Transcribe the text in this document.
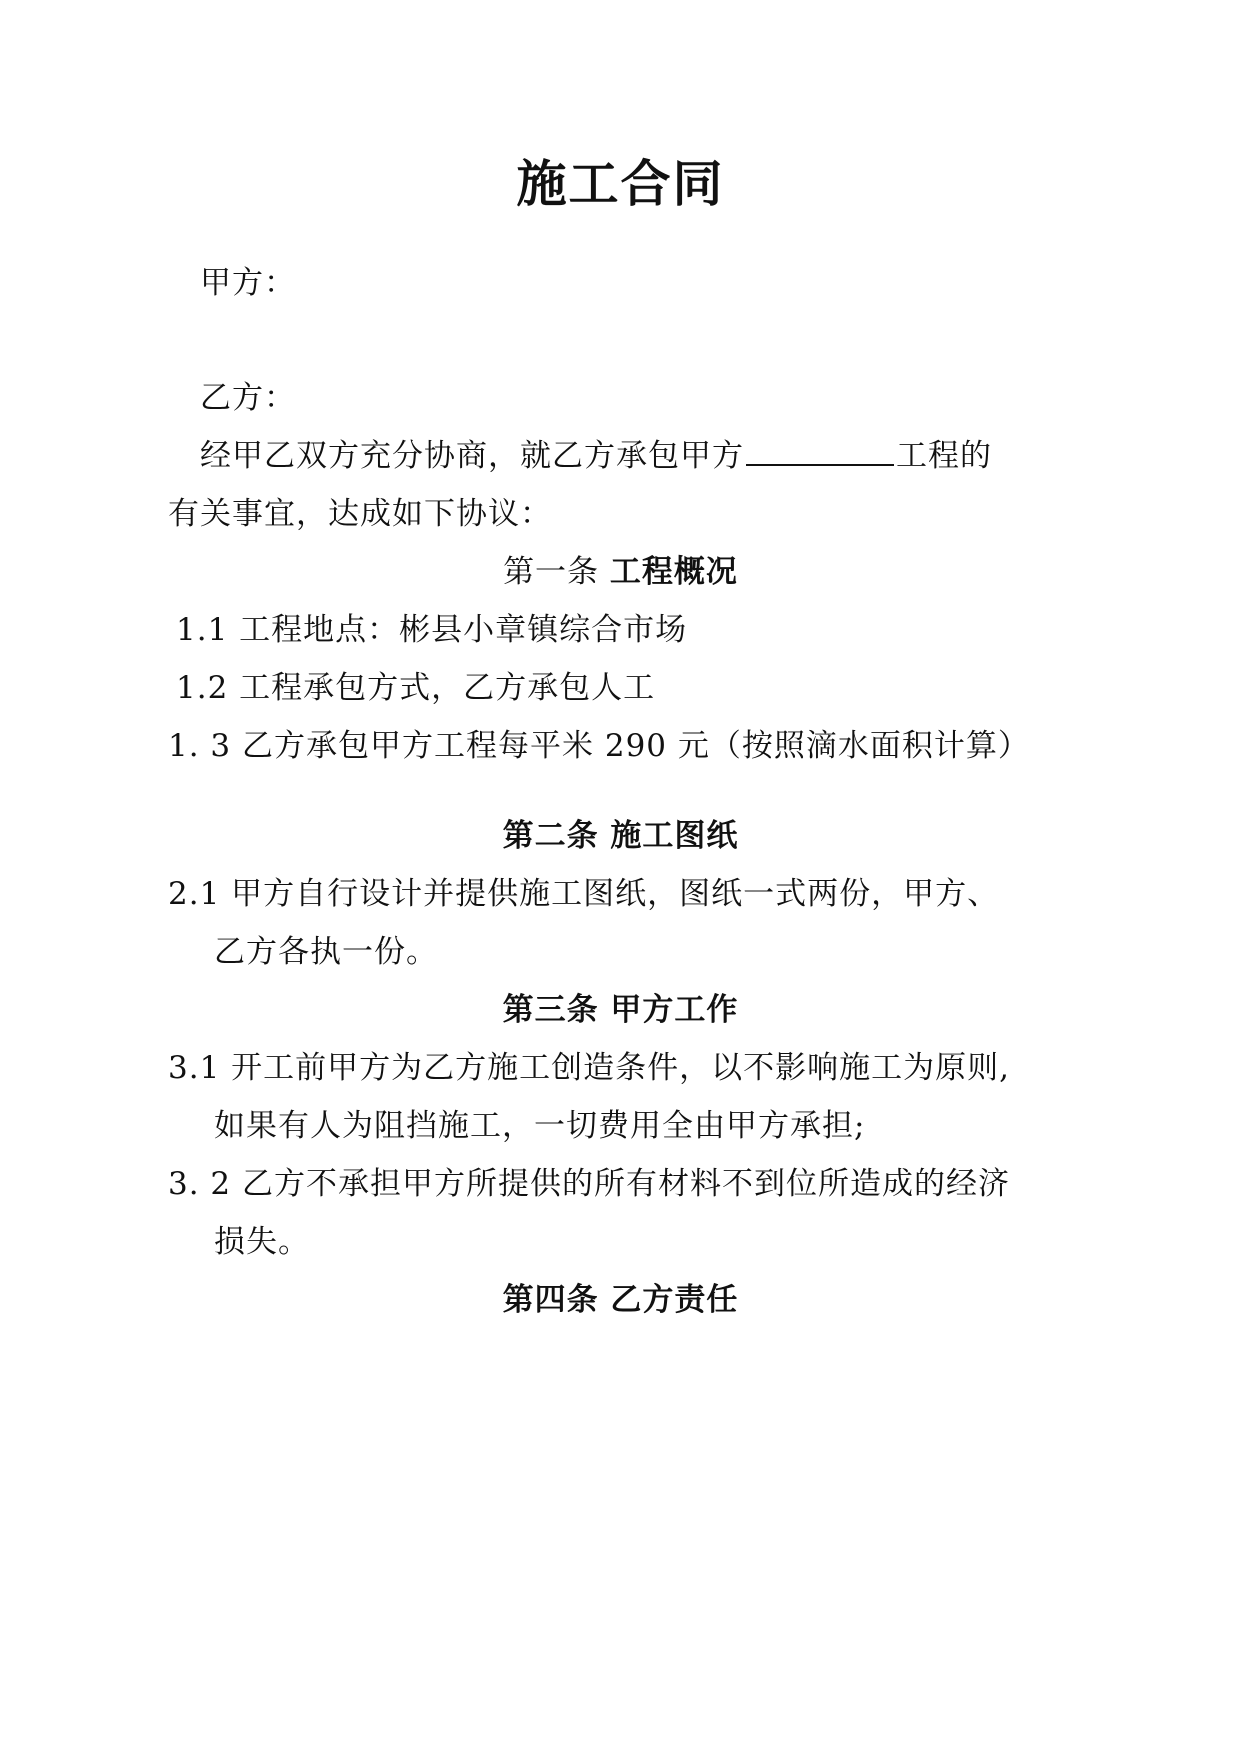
施工合同
甲方：
乙方：
经甲乙双方充分协商，就乙方承包甲方	工程的
有关事宜，达成如下协议：
第一条 工程概况
1.1 工程地点：彬县小章镇综合市场
1.2 工程承包方式，乙方承包人工
1. 3 乙方承包甲方工程每平米 290 元（按照滴水面积计算）
第二条 施工图纸
2.1 甲方自行设计并提供施工图纸，图纸一式两份，甲方、
乙方各执一份。
第三条 甲方工作
3.1 开工前甲方为乙方施工创造条件，以不影响施工为原则,
如果有人为阻挡施工，一切费用全由甲方承担;
3. 2 乙方不承担甲方所提供的所有材料不到位所造成的经济
损失。
第四条 乙方责任
